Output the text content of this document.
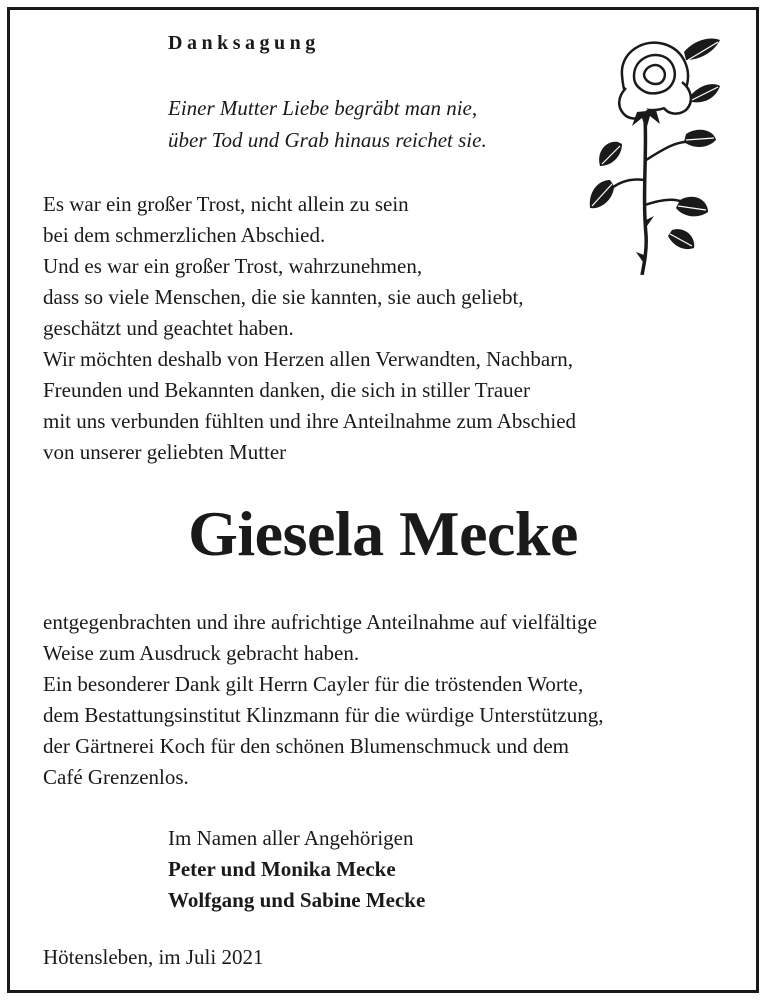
Danksagung
Einer Mutter Liebe begräbt man nie,
über Tod und Grab hinaus reichet sie.
Es war ein großer Trost, nicht allein zu sein
bei dem schmerzlichen Abschied.
Und es war ein großer Trost, wahrzunehmen,
dass so viele Menschen, die sie kannten, sie auch geliebt,
geschätzt und geachtet haben.
Wir möchten deshalb von Herzen allen Verwandten, Nachbarn,
Freunden und Bekannten danken, die sich in stiller Trauer
mit uns verbunden fühlten und ihre Anteilnahme zum Abschied
von unserer geliebten Mutter
Giesela Mecke
entgegenbrachten und ihre aufrichtige Anteilnahme auf vielfältige
Weise zum Ausdruck gebracht haben.
Ein besonderer Dank gilt Herrn Cayler für die tröstenden Worte,
dem Bestattungsinstitut Klinzmann für die würdige Unterstützung,
der Gärtnerei Koch für den schönen Blumenschmuck und dem
Café Grenzenlos.
Im Namen aller Angehörigen
Peter und Monika Mecke
Wolfgang und Sabine Mecke
Hötensleben, im Juli 2021
